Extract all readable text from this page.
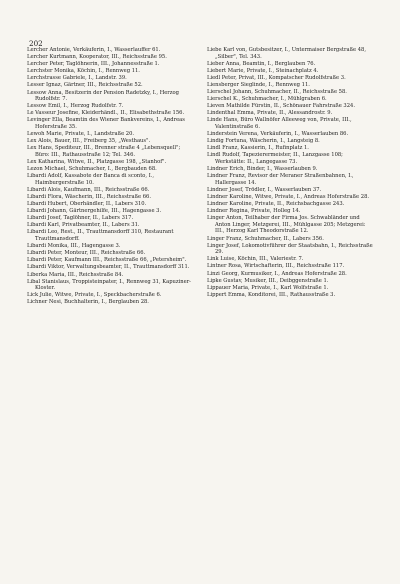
202

Lercher Antonie, Verkäuferin, I., Wasserlauffer 61.

Lercher Kurtmann, Kooperator, III., Reichsstraße 95.

Lercher Peter, Taglöhnerin, III., Johannesstraße 1.

Lerchster Monika, Köchin, I., Rennweg 11.

Lerchstrasse Gabriele, I., Landstr. 39.

Lesser Ignaz, Gärtner, III., Reichsstraße 52.

Lessow Anna, Besitzerin der Pension Radetzky, I., Herzog Rudolfstr. 7.

Lessow Emil, I., Herzog Rudolfstr. 7.

Le Vasseur Josefine, Kleiderhändl., II., Elisabethstraße 156.

Levinger Ella, Beamtin des Wiener Bankvereins, I., Andreas Hoferstraße 35.

Lewoh Marie, Private, I., Landstraße 20.

Lex Alois, Bauer, III., Freiberg 35, „Westhaus".

Lex Hans, Spediteur, III., Brenner straße 4 „Lebensquell"; Büro: III., Rathausstraße 12; Tel. 346.

Lex Katharina, Witwe, II., Platzgasse 198, „Stanhof".

Lezon Michael, Schuhmacher, I., Bergbauden 68.

Libardi Adolf, Kassabote der Banca di sconto, I., Haimburgerstraße 10.

Libardi Alois, Kaufmann, III., Reichsstraße 66.

Libardi Flora, Wäscherin, III., Reichsstraße 66.

Libardi Hubert, Oberhändler, II., Labers 310.

Libardi Johann, Gärtnergehilfe, III., Hagengasse 3.

Libardi Josef, Taglöhner, II., Labers 317.

Libardi Karl, Privatbeamter, II., Labers 31.

Libardi Leo, Rest., II., Trauttmansdorff 310, Restaurant Trauttmansdorff.

Libardi Monika, III., Hagengasse 3.

Libardi Peter, Monteur, III., Reichsstraße 66.

Libardi Peter, Kaufmann III., Reichsstraße 66, „Petersheim".

Libardi Viktor, Verwaltungsbeamter, II., Trauttmansdorff 311.

Liberka Maria, III., Reichsstraße 84.

Libal Stanislaus, Troppisteinpater, I., Rennweg 31, Kapuziner-Kloster.

Lick Julie, Witwe, Private, I., Speckbacherstraße 6.

Lichner Nesi, Buchhalterin, I., Berglauben 28.

Liebe Karl von, Gutsbesitzer, I., Untermaiser Bergstraße 48, „Silber", Tel. 343.

Lieber Anna, Beamtin, I., Berglauben 76.

Liebert Marie, Private, I., Steinachplatz 4.

Liedl Peter, Privat, III., Kompatscher Rudolfstraße 3.

Liensberger Sieglinde, I., Rennweg 11.

Lierschel Johann, Schuhmacher, II., Reichsstraße 58.

Lierschel K., Schuhmacher, I., Mühlgraben 6.

Lieven Mathilde Fürstin, II., Schönauer Fahrstraße 324.

Lindenthal Emma, Private, II., Alessandrostr. 9.

Linde Hans, Büro Wallnöfer Alleeweg von, Private, III., Valentinstraße 6.

Linderstein Verena, Verkäuferin, I., Wasserlauben 86.

Lindig Fortuna, Wäscherin, I., Langsteig 8.

Lindl Franz, Kassierin, I., Rufinplatz 1.

Lindl Rudolf, Tapezierermeister, II., Lanzgasse 108; Werkstätte: II., Langegasse 73.

Lindner Erich, Binder, I., Wasserlauben 9.

Lindner Franz, Revisor der Meraner Straßenbahnen, I., Hallergasse 14.

Lindner Josef, Trödler, I., Wasserlauben 37.

Lindner Karoline, Witwe, Private, I., Andreas Hoferstraße 28.

Lindner Karoline, Private, II., Reichsbachgasse 243.

Lindner Regina, Private, Holleg 14.

Linger Anton, Teilhaber der Firma Jos. Schwabländer und Anton Linger, Metzgerei, III., Mühlgasse 205; Metzgerei: III., Herzog Karl Theodorstraße 12.

Linger Franz, Schuhmacher, II., Labers 356.

Linger Josef, Lokomotivführer der Staatsbahn, I., Reichsstraße 29.

Link Luise, Köchin, III., Valeriestr. 7.

Lintner Rosa, Wirtschafterin, III., Reichsstraße 117.

Linzi Georg, Kurmusiker, I., Andreas Hoferstraße 28.

Lipke Gustav, Musiker, III., Deibggenstraße 1.

Lippauer Maria, Private, I., Karl Wolfstraße 1.

Lippert Emma, Konditorei, III., Rathausstraße 3.
